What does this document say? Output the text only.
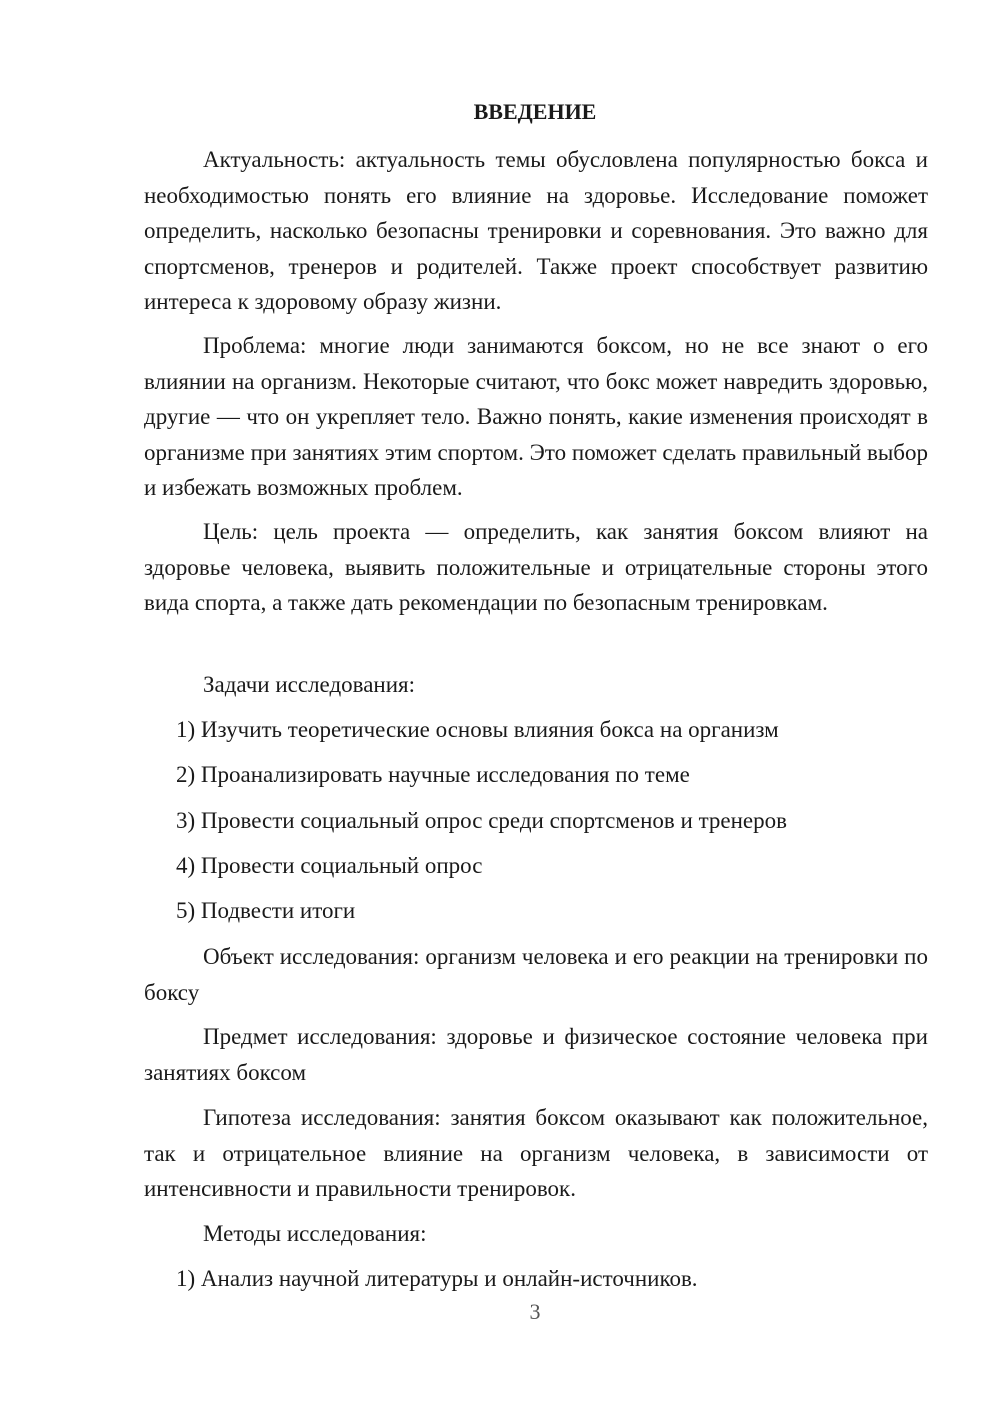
ВВЕДЕНИЕ

Актуальность: актуальность темы обусловлена популярностью бокса и необходимостью понять его влияние на здоровье. Исследование поможет определить, насколько безопасны тренировки и соревнования. Это важно для спортсменов, тренеров и родителей. Также проект способствует развитию интереса к здоровому образу жизни.

Проблема: многие люди занимаются боксом, но не все знают о его влиянии на организм. Некоторые считают, что бокс может навредить здоровью, другие — что он укрепляет тело. Важно понять, какие изменения происходят в организме при занятиях этим спортом. Это поможет сделать правильный выбор и избежать возможных проблем.

Цель: цель проекта — определить, как занятия боксом влияют на здоровье человека, выявить положительные и отрицательные стороны этого вида спорта, а также дать рекомендации по безопасным тренировкам.

Задачи исследования:

1) Изучить теоретические основы влияния бокса на организм

2) Проанализировать научные исследования по теме

3) Провести социальный опрос среди спортсменов и тренеров

4) Провести социальный опрос

5) Подвести итоги

Объект исследования: организм человека и его реакции на тренировки по боксу

Предмет исследования: здоровье и физическое состояние человека при занятиях боксом

Гипотеза исследования: занятия боксом оказывают как положительное, так и отрицательное влияние на организм человека, в зависимости от интенсивности и правильности тренировок.

Методы исследования:

1) Анализ научной литературы и онлайн-источников.

3
